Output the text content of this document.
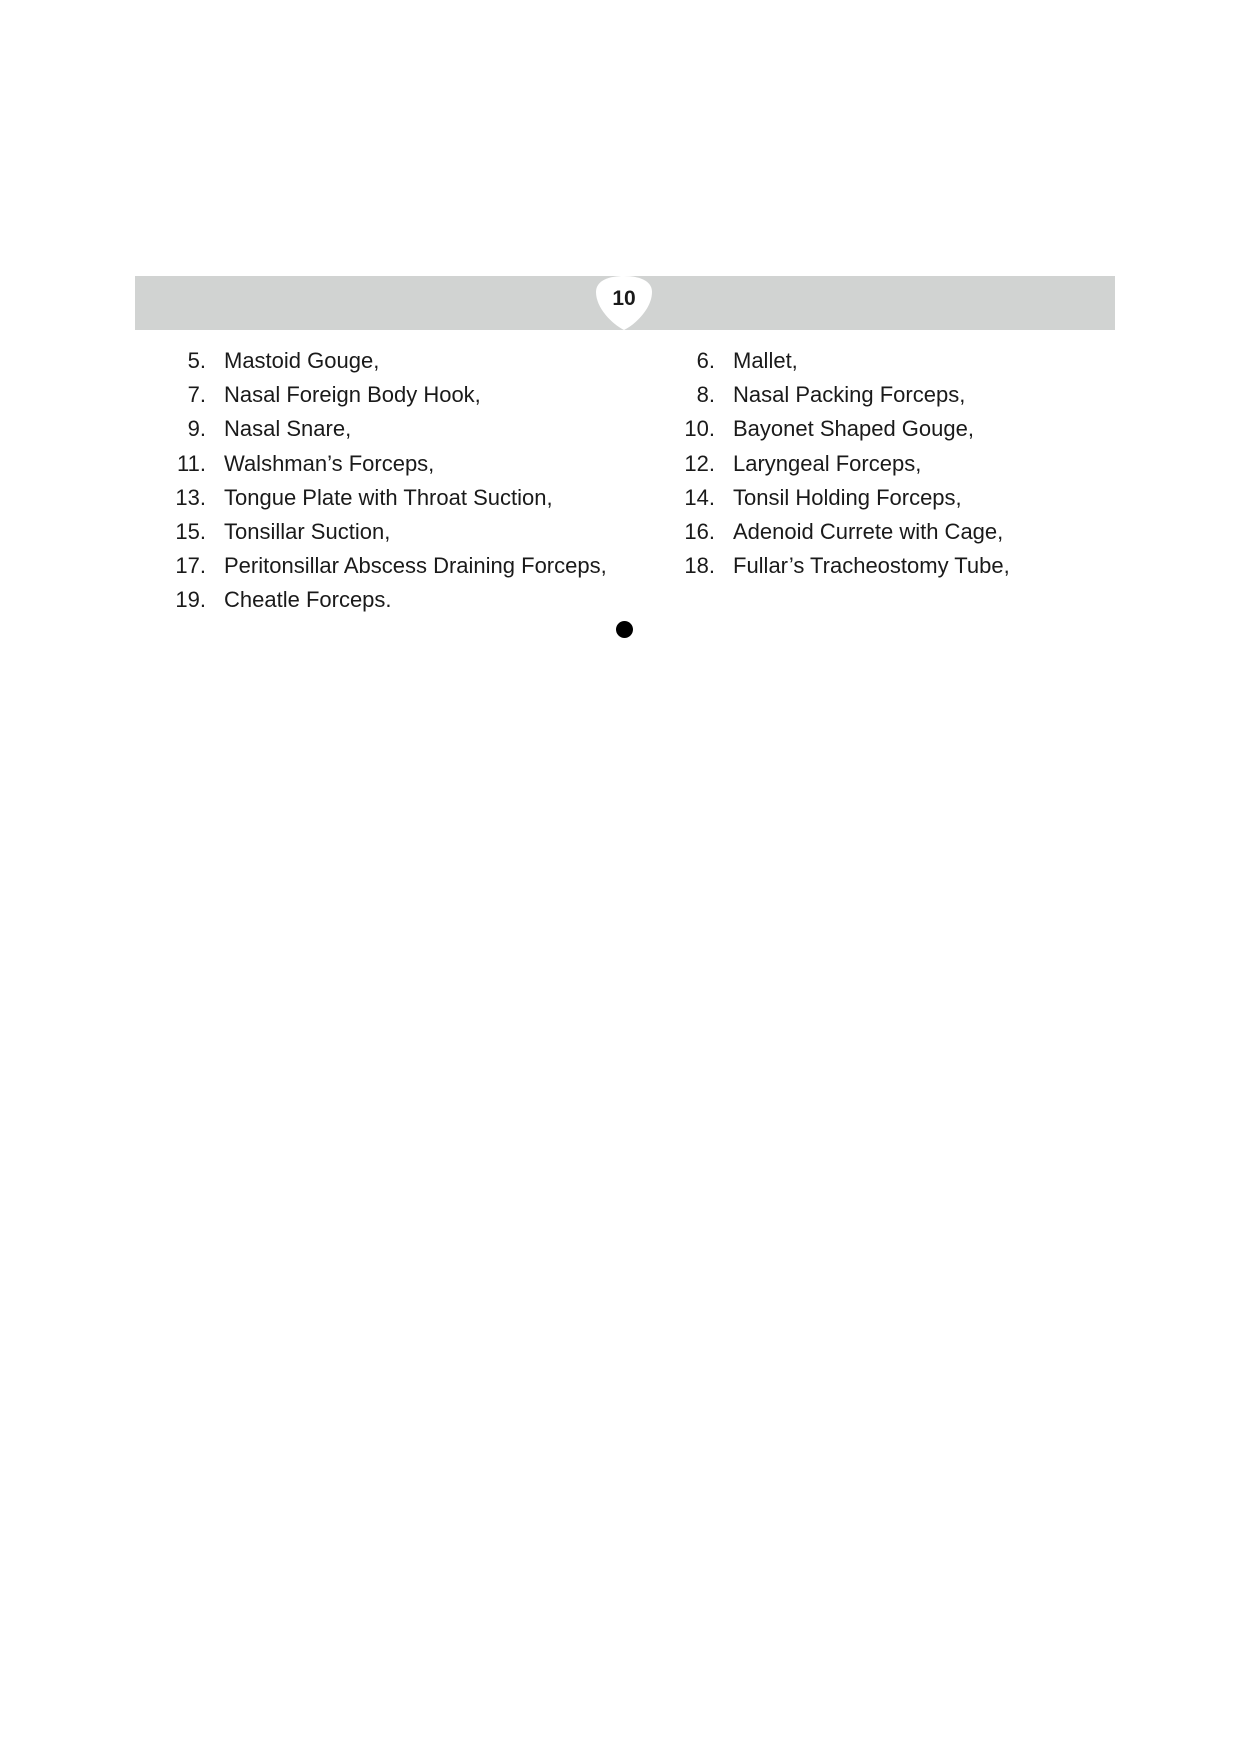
10
5. Mastoid Gouge,
7. Nasal Foreign Body Hook,
9. Nasal Snare,
11. Walshman’s Forceps,
13. Tongue Plate with Throat Suction,
15. Tonsillar Suction,
17. Peritonsillar Abscess Draining Forceps,
19. Cheatle Forceps.
6. Mallet,
8. Nasal Packing Forceps,
10. Bayonet Shaped Gouge,
12. Laryngeal Forceps,
14. Tonsil Holding Forceps,
16. Adenoid Currete with Cage,
18. Fullar’s Tracheostomy Tube,
